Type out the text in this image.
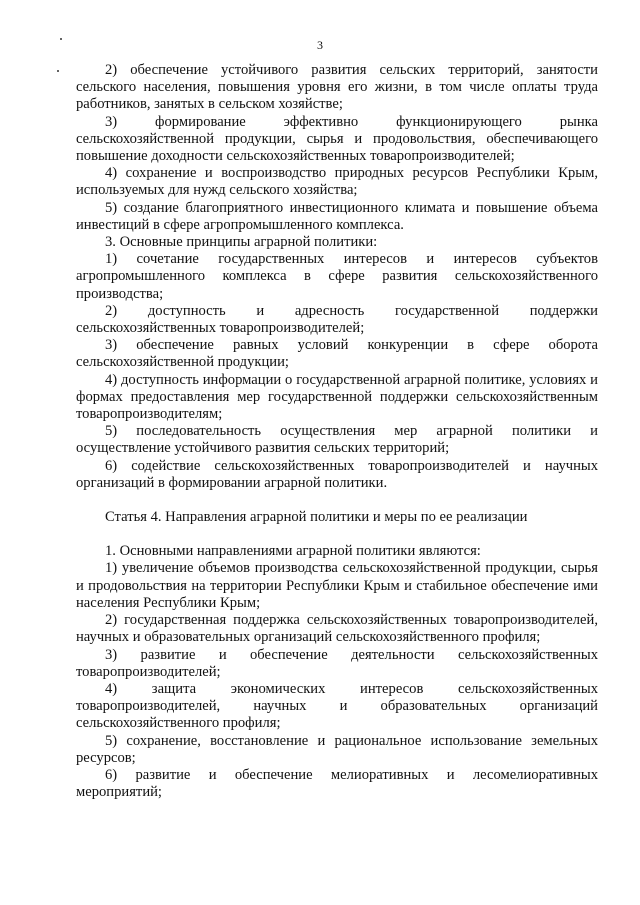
3

2) обеспечение устойчивого развития сельских территорий, занятости сельского населения, повышения уровня его жизни, в том числе оплаты труда работников, занятых в сельском хозяйстве;

3) формирование эффективно функционирующего рынка сельскохозяйственной продукции, сырья и продовольствия, обеспечивающего повышение доходности сельскохозяйственных товаропроизводителей;

4) сохранение и воспроизводство природных ресурсов Республики Крым, используемых для нужд сельского хозяйства;

5) создание благоприятного инвестиционного климата и повышение объема инвестиций в сфере агропромышленного комплекса.

3. Основные принципы аграрной политики:

1) сочетание государственных интересов и интересов субъектов агропромышленного комплекса в сфере развития сельскохозяйственного производства;

2) доступность и адресность государственной поддержки сельскохозяйственных товаропроизводителей;

3) обеспечение равных условий конкуренции в сфере оборота сельскохозяйственной продукции;

4) доступность информации о государственной аграрной политике, условиях и формах предоставления мер государственной поддержки сельскохозяйственным товаропроизводителям;

5) последовательность осуществления мер аграрной политики и осуществление устойчивого развития сельских территорий;

6) содействие сельскохозяйственных товаропроизводителей и научных организаций в формировании аграрной политики.

Статья 4. Направления аграрной политики и меры по ее реализации

1. Основными направлениями аграрной политики являются:

1) увеличение объемов производства сельскохозяйственной продукции, сырья и продовольствия на территории Республики Крым и стабильное обеспечение ими населения Республики Крым;

2) государственная поддержка сельскохозяйственных товаропроизводителей, научных и образовательных организаций сельскохозяйственного профиля;

3) развитие и обеспечение деятельности сельскохозяйственных товаропроизводителей;

4) защита экономических интересов сельскохозяйственных товаропроизводителей, научных и образовательных организаций сельскохозяйственного профиля;

5) сохранение, восстановление и рациональное использование земельных ресурсов;

6) развитие и обеспечение мелиоративных и лесомелиоративных мероприятий;
